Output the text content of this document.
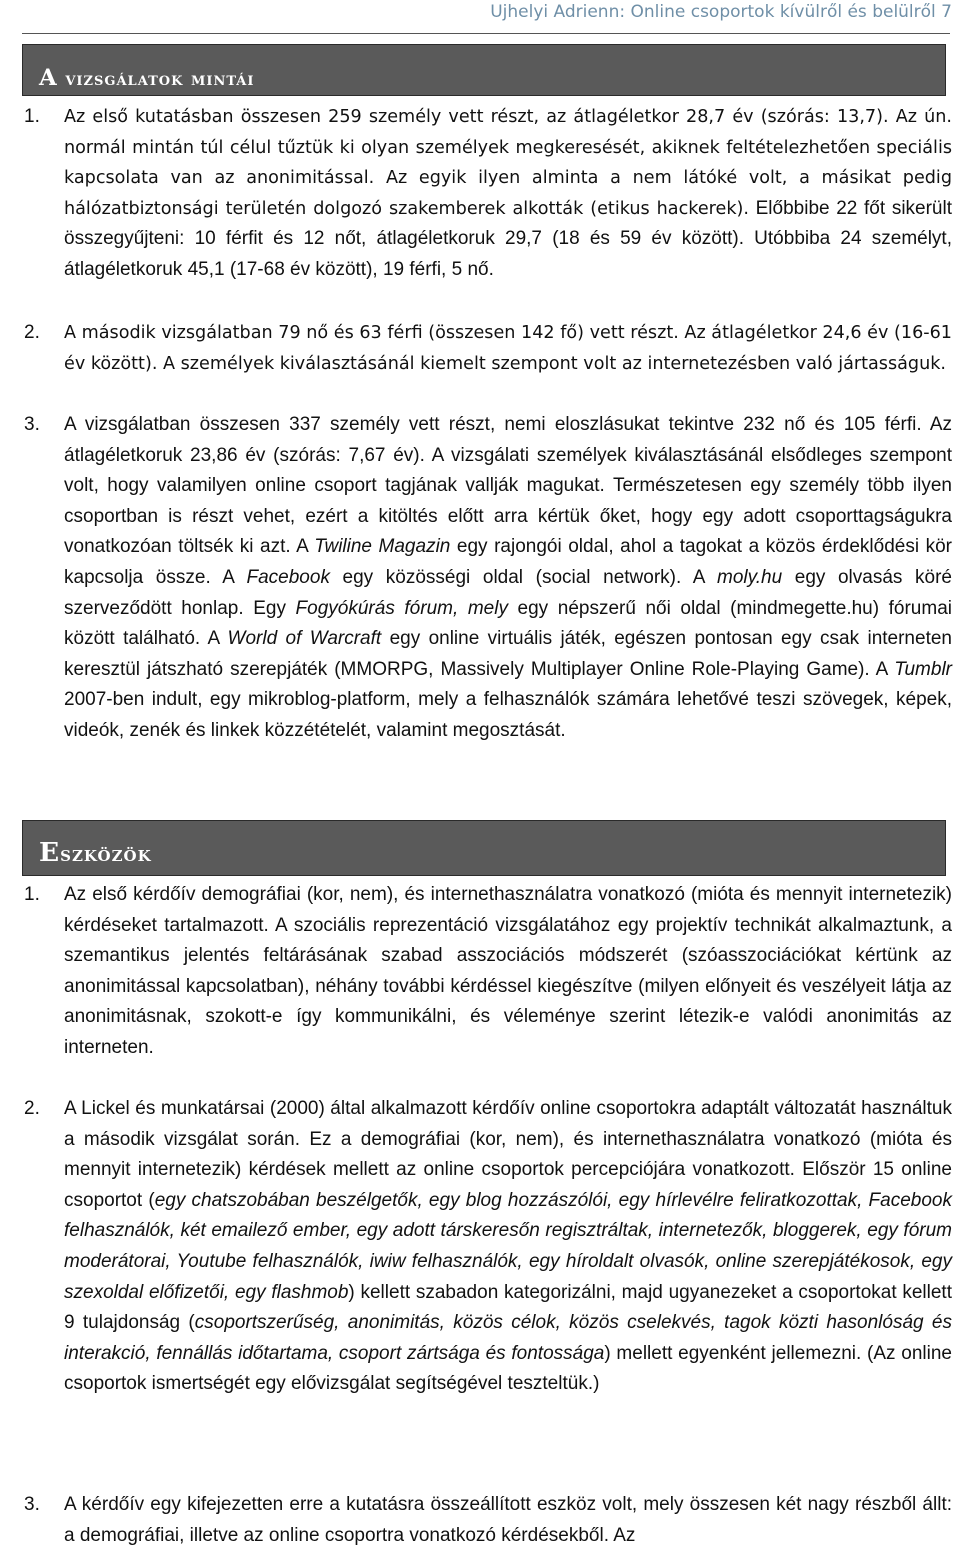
Ujhelyi Adrienn: Online csoportok kívülről és belülről 7
A vizsgálatok mintái
1. Az első kutatásban összesen 259 személy vett részt, az átlagéletkor 28,7 év (szórás: 13,7). Az ún. normál mintán túl célul tűztük ki olyan személyek megkeresését, akiknek feltételezhetően speciális kapcsolata van az anonimitással. Az egyik ilyen alminta a nem látóké volt, a másikat pedig hálózatbiztonsági területén dolgozó szakemberek alkották (etikus hackerek). Előbbibe 22 főt sikerült összegyűjteni: 10 férfit és 12 nőt, átlagéletkoruk 29,7 (18 és 59 év között). Utóbbiba 24 személyt, átlagéletkoruk 45,1 (17-68 év között), 19 férfi, 5 nő.
2. A második vizsgálatban 79 nő és 63 férfi (összesen 142 fő) vett részt. Az átlagéletkor 24,6 év (16-61 év között). A személyek kiválasztásánál kiemelt szempont volt az internetezésben való jártasságuk.
3. A vizsgálatban összesen 337 személy vett részt, nemi eloszlásukat tekintve 232 nő és 105 férfi. Az átlagéletkoruk 23,86 év (szórás: 7,67 év). A vizsgálati személyek kiválasztásánál elsődleges szempont volt, hogy valamilyen online csoport tagjának vallják magukat. Természetesen egy személy több ilyen csoportban is részt vehet, ezért a kitöltés előtt arra kértük őket, hogy egy adott csoporttagságukra vonatkozóan töltsék ki azt. A Twiline Magazin egy rajongói oldal, ahol a tagokat a közös érdeklődési kör kapcsolja össze. A Facebook egy közösségi oldal (social network). A moly.hu egy olvasás köré szerveződött honlap. Egy Fogyókúrás fórum, mely egy népszerű női oldal (mindmegette.hu) fórumai között található. A World of Warcraft egy online virtuális játék, egészen pontosan egy csak interneten keresztül játszható szerepjáték (MMORPG, Massively Multiplayer Online Role-Playing Game). A Tumblr 2007-ben indult, egy mikroblog-platform, mely a felhasználók számára lehetővé teszi szövegek, képek, videók, zenék és linkek közzétételét, valamint megosztását.
Eszközök
1. Az első kérdőív demográfiai (kor, nem), és internethasználatra vonatkozó (mióta és mennyit internetezik) kérdéseket tartalmazott. A szociális reprezentáció vizsgálatához egy projektív technikát alkalmaztunk, a szemantikus jelentés feltárásának szabad asszociációs módszerét (szóasszociációkat kértünk az anonimitással kapcsolatban), néhány további kérdéssel kiegészítve (milyen előnyeit és veszélyeit látja az anonimitásnak, szokott-e így kommunikálni, és véleménye szerint létezik-e valódi anonimitás az interneten.
2. A Lickel és munkatársai (2000) által alkalmazott kérdőív online csoportokra adaptált változatát használtuk a második vizsgálat során. Ez a demográfiai (kor, nem), és internethasználatra vonatkozó (mióta és mennyit internetezik) kérdések mellett az online csoportok percepciójára vonatkozott. Először 15 online csoportot (egy chatszobában beszélgetők, egy blog hozzászólói, egy hírlevélre feliratkozottak, Facebook felhasználók, két emailező ember, egy adott társkeresőn regisztráltak, internetezők, bloggerek, egy fórum moderátorai, Youtube felhasználók, iwiw felhasználók, egy híroldalt olvasók, online szerepjátékosok, egy szexoldal előfizetői, egy flashmob) kellett szabadon kategorizálni, majd ugyanezeket a csoportokat kellett 9 tulajdonság (csoportszerűség, anonimitás, közös célok, közös cselekvés, tagok közti hasonlóság és interakció, fennállás időtartama, csoport zártsága és fontossága) mellett egyenként jellemezni. (Az online csoportok ismertségét egy elővizsgálat segítségével teszteltük.)
3. A kérdőív egy kifejezetten erre a kutatásra összeállított eszköz volt, mely összesen két nagy részből állt: a demográfiai, illetve az online csoportra vonatkozó kérdésekből. Az
